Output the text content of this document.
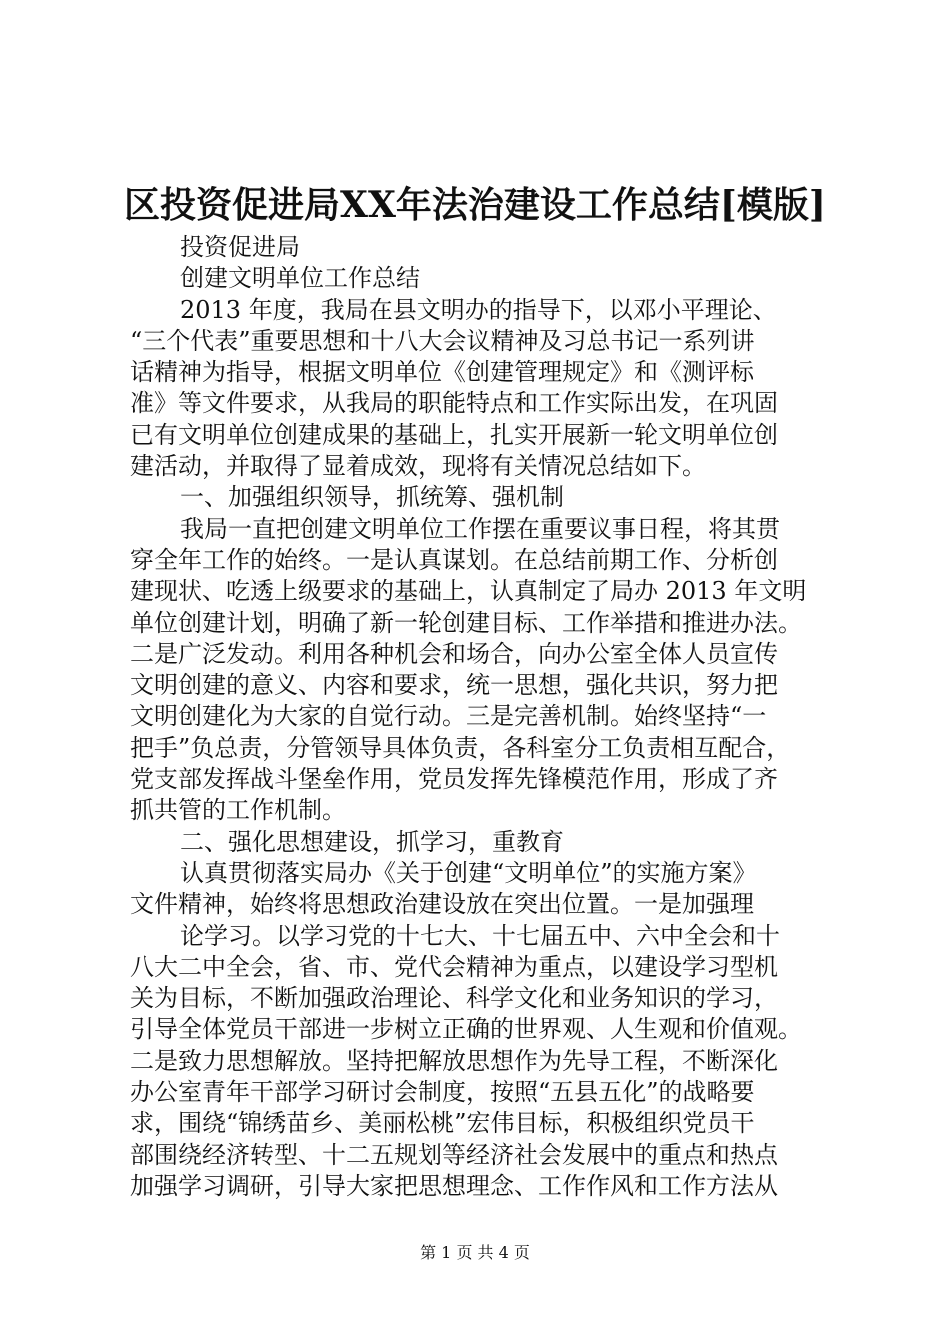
区投资促进局XX年法治建设工作总结[模版]
投资促进局
创建文明单位工作总结
2013 年度，我局在县文明办的指导下，以邓小平理论、
“三个代表”重要思想和十八大会议精神及习总书记一系列讲
话精神为指导，根据文明单位《创建管理规定》和《测评标
准》等文件要求，从我局的职能特点和工作实际出发，在巩固
已有文明单位创建成果的基础上，扎实开展新一轮文明单位创
建活动，并取得了显着成效，现将有关情况总结如下。
一、加强组织领导，抓统筹、强机制
我局一直把创建文明单位工作摆在重要议事日程，将其贯
穿全年工作的始终。一是认真谋划。在总结前期工作、分析创
建现状、吃透上级要求的基础上，认真制定了局办 2013 年文明
单位创建计划，明确了新一轮创建目标、工作举措和推进办法。
二是广泛发动。利用各种机会和场合，向办公室全体人员宣传
文明创建的意义、内容和要求，统一思想，强化共识，努力把
文明创建化为大家的自觉行动。三是完善机制。始终坚持“一
把手”负总责，分管领导具体负责，各科室分工负责相互配合，
党支部发挥战斗堡垒作用，党员发挥先锋模范作用，形成了齐
抓共管的工作机制。
二、强化思想建设，抓学习，重教育
认真贯彻落实局办《关于创建“文明单位”的实施方案》
文件精神，始终将思想政治建设放在突出位置。一是加强理
论学习。以学习党的十七大、十七届五中、六中全会和十
八大二中全会，省、市、党代会精神为重点，以建设学习型机
关为目标，不断加强政治理论、科学文化和业务知识的学习，
引导全体党员干部进一步树立正确的世界观、人生观和价值观。
二是致力思想解放。坚持把解放思想作为先导工程，不断深化
办公室青年干部学习研讨会制度，按照“五县五化”的战略要
求，围绕“锦绣苗乡、美丽松桃”宏伟目标，积极组织党员干
部围绕经济转型、十二五规划等经济社会发展中的重点和热点
加强学习调研，引导大家把思想理念、工作作风和工作方法从
第 1 页 共 4 页
